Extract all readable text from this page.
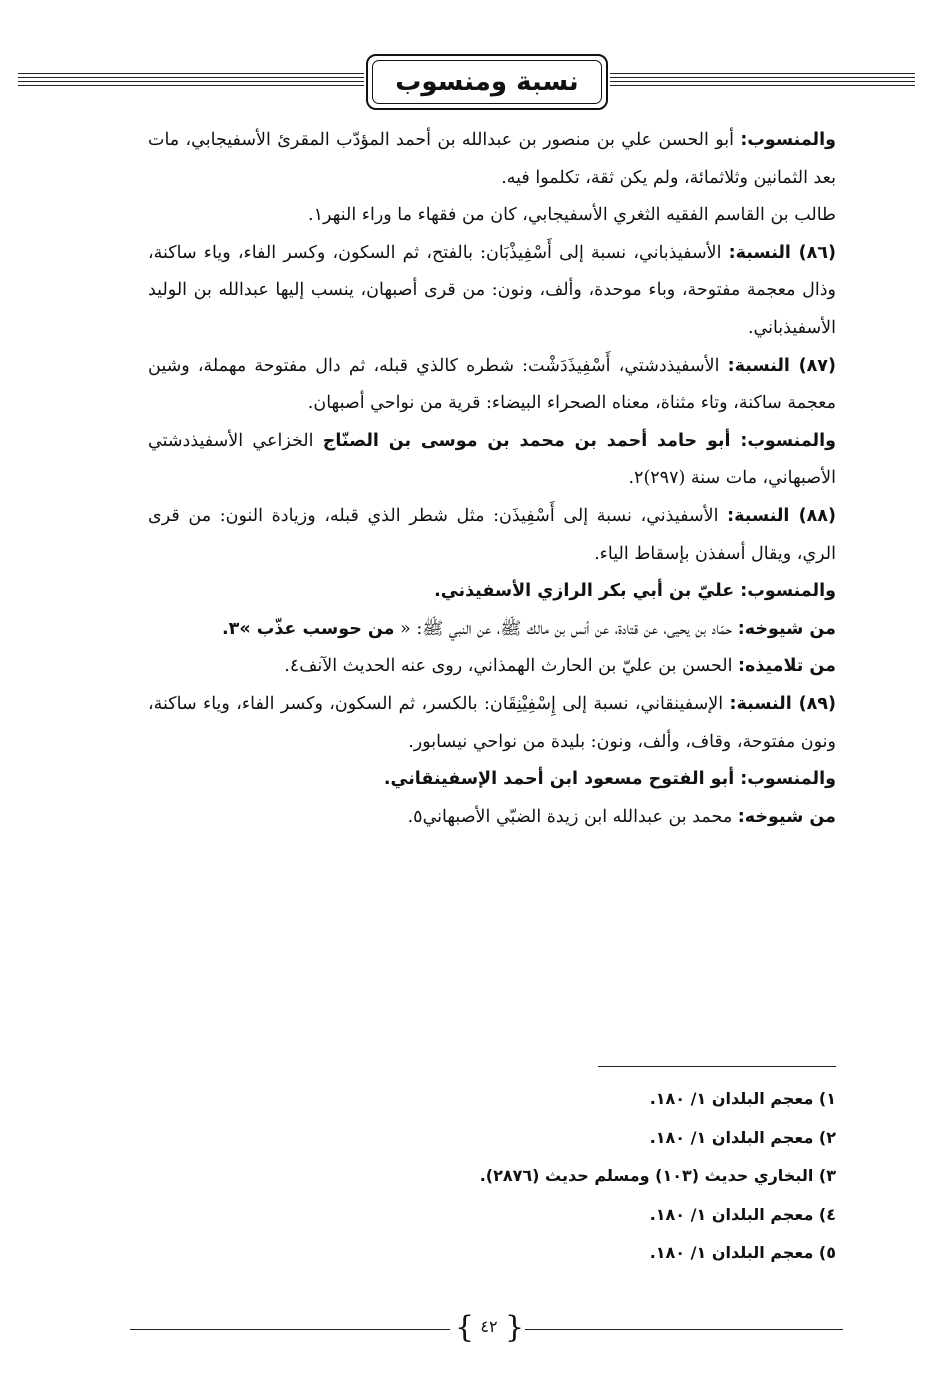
نسبة ومنسوب

والمنسوب: أبو الحسن علي بن منصور بن عبدالله بن أحمد المؤدّب المقرئ الأسفيجابي، مات بعد الثمانين وثلاثمائة، ولم يكن ثقة، تكلموا فيه.

طالب بن القاسم الفقيه الثغري الأسفيجابي، كان من فقهاء ما وراء النهر١.

(٨٦) النسبة: الأسفيذباني، نسبة إلى أَسْفِيذْبَان: بالفتح، ثم السكون، وكسر الفاء، وياء ساكنة، وذال معجمة مفتوحة، وباء موحدة، وألف، ونون: من قرى أصبهان، ينسب إليها عبدالله بن الوليد الأسفيذباني.

(٨٧) النسبة: الأسفيذدشتي، أَسْفِيذَدَشْت: شطره كالذي قبله، ثم دال مفتوحة مهملة، وشين معجمة ساكنة، وتاء مثناة، معناه الصحراء البيضاء: قرية من نواحي أصبهان.

والمنسوب: أبو حامد أحمد بن محمد بن موسى بن الصنّاج الخزاعي الأسفيذدشتي الأصبهاني، مات سنة (٢٩٧)٢.

(٨٨) النسبة: الأسفيذني، نسبة إلى أَسْفِيذَن: مثل شطر الذي قبله، وزيادة النون: من قرى الري، ويقال أسفذن بإسقاط الياء.

والمنسوب: عليّ بن أبي بكر الرازي الأسفيذني.

من شيوخه: حمّاد بن يحيى، عن قتادة، عن أنس بن مالك ﷺ، عن النبي ﷺ: « من حوسب عذّب »٣.

من تلاميذه: الحسن بن عليّ بن الحارث الهمذاني، روى عنه الحديث الآنف٤.

(٨٩) النسبة: الإسفينقاني، نسبة إلى إِسْفِيْنِقَان: بالكسر، ثم السكون، وكسر الفاء، وياء ساكنة، ونون مفتوحة، وقاف، وألف، ونون: بليدة من نواحي نيسابور.

والمنسوب: أبو الفتوح مسعود ابن أحمد الإسفينقاني.

من شيوخه: محمد بن عبدالله ابن زيدة الضبّي الأصبهاني٥.

١) معجم البلدان ١/ ١٨٠.
٢) معجم البلدان ١/ ١٨٠.
٣) البخاري حديث (١٠٣) ومسلم حديث (٢٨٧٦).
٤) معجم البلدان ١/ ١٨٠.
٥) معجم البلدان ١/ ١٨٠.
{ ٤٢ }
